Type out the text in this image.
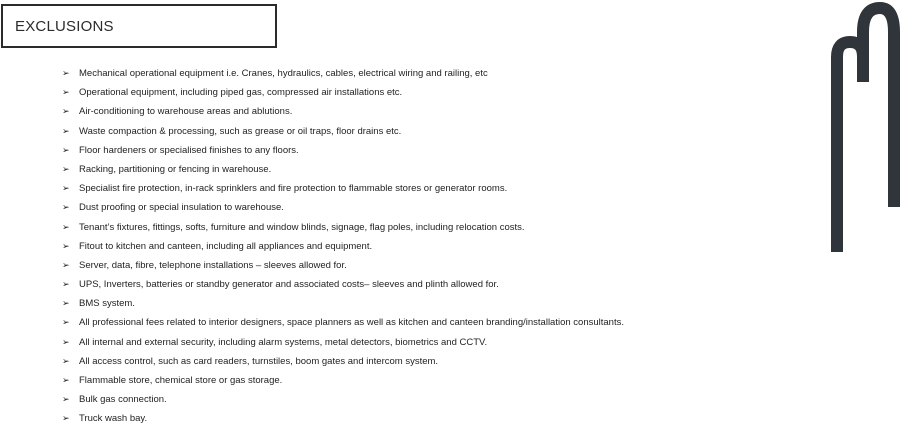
EXCLUSIONS
➢ Mechanical operational equipment i.e. Cranes, hydraulics, cables, electrical wiring and railing, etc
➢ Operational equipment, including piped gas, compressed air installations etc.
➢ Air-conditioning to warehouse areas and ablutions.
➢ Waste compaction & processing, such as grease or oil traps, floor drains etc.
➢ Floor hardeners or specialised finishes to any floors.
➢ Racking, partitioning or fencing in warehouse.
➢ Specialist fire protection, in-rack sprinklers and fire protection to flammable stores or generator rooms.
➢ Dust proofing or special insulation to warehouse.
➢ Tenant’s fixtures, fittings, softs, furniture and window blinds, signage, flag poles, including relocation costs.
➢ Fitout to kitchen and canteen, including all appliances and equipment.
➢ Server, data, fibre, telephone installations – sleeves allowed for.
➢ UPS, Inverters, batteries or standby generator and associated costs– sleeves and plinth allowed for.
➢ BMS system.
➢ All professional fees related to interior designers, space planners as well as kitchen and canteen branding/installation consultants.
➢ All internal and external security, including alarm systems, metal detectors, biometrics and CCTV.
➢ All access control, such as card readers, turnstiles, boom gates and intercom system.
➢ Flammable store, chemical store or gas storage.
➢ Bulk gas connection.
➢ Truck wash bay.
